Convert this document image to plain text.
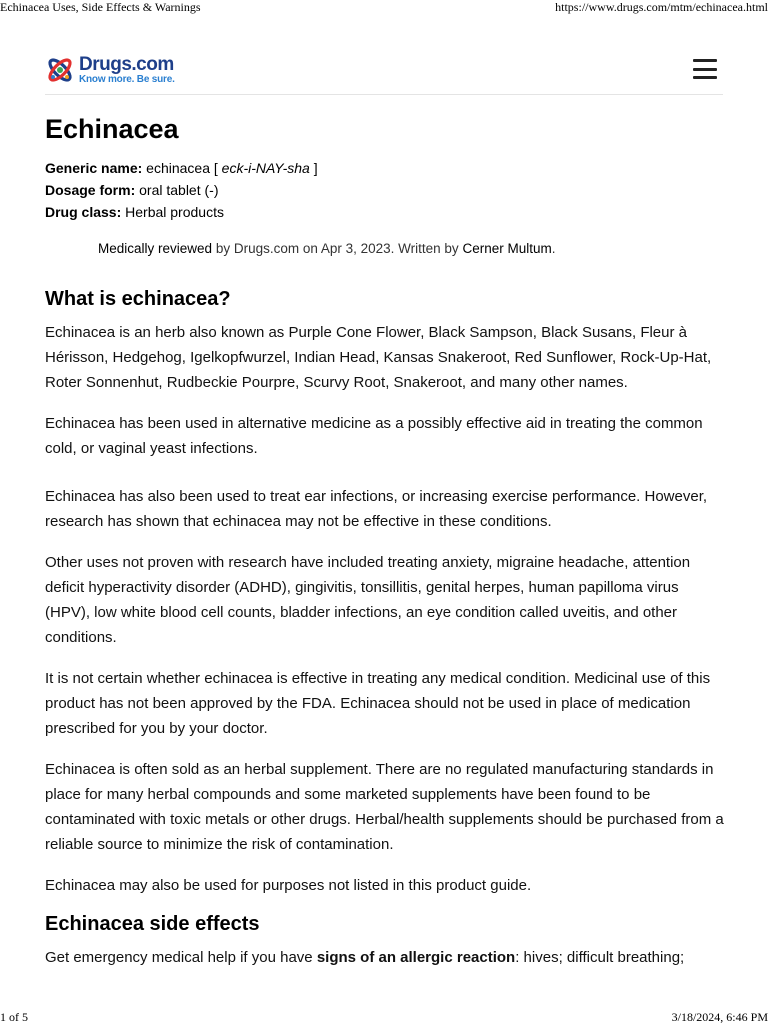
Echinacea Uses, Side Effects & Warnings	https://www.drugs.com/mtm/echinacea.html
Drugs.com
Know more. Be sure.
Echinacea
Generic name: echinacea [ eck-i-NAY-sha ]
Dosage form: oral tablet (-)
Drug class: Herbal products
Medically reviewed by Drugs.com on Apr 3, 2023. Written by Cerner Multum.
What is echinacea?

Echinacea is an herb also known as Purple Cone Flower, Black Sampson, Black Susans, Fleur à Hérisson, Hedgehog, Igelkopfwurzel, Indian Head, Kansas Snakeroot, Red Sunflower, Rock-Up-Hat, Roter Sonnenhut, Rudbeckie Pourpre, Scurvy Root, Snakeroot, and many other names.

Echinacea has been used in alternative medicine as a possibly effective aid in treating the common cold, or vaginal yeast infections.

Echinacea has also been used to treat ear infections, or increasing exercise performance. However, research has shown that echinacea may not be effective in these conditions.

Other uses not proven with research have included treating anxiety, migraine headache, attention deficit hyperactivity disorder (ADHD), gingivitis, tonsillitis, genital herpes, human papilloma virus (HPV), low white blood cell counts, bladder infections, an eye condition called uveitis, and other conditions.

It is not certain whether echinacea is effective in treating any medical condition. Medicinal use of this product has not been approved by the FDA. Echinacea should not be used in place of medication prescribed for you by your doctor.

Echinacea is often sold as an herbal supplement. There are no regulated manufacturing standards in place for many herbal compounds and some marketed supplements have been found to be contaminated with toxic metals or other drugs. Herbal/health supplements should be purchased from a reliable source to minimize the risk of contamination.

Echinacea may also be used for purposes not listed in this product guide.

Echinacea side effects

Get emergency medical help if you have signs of an allergic reaction: hives; difficult breathing;

1 of 5	3/18/2024, 6:46 PM
